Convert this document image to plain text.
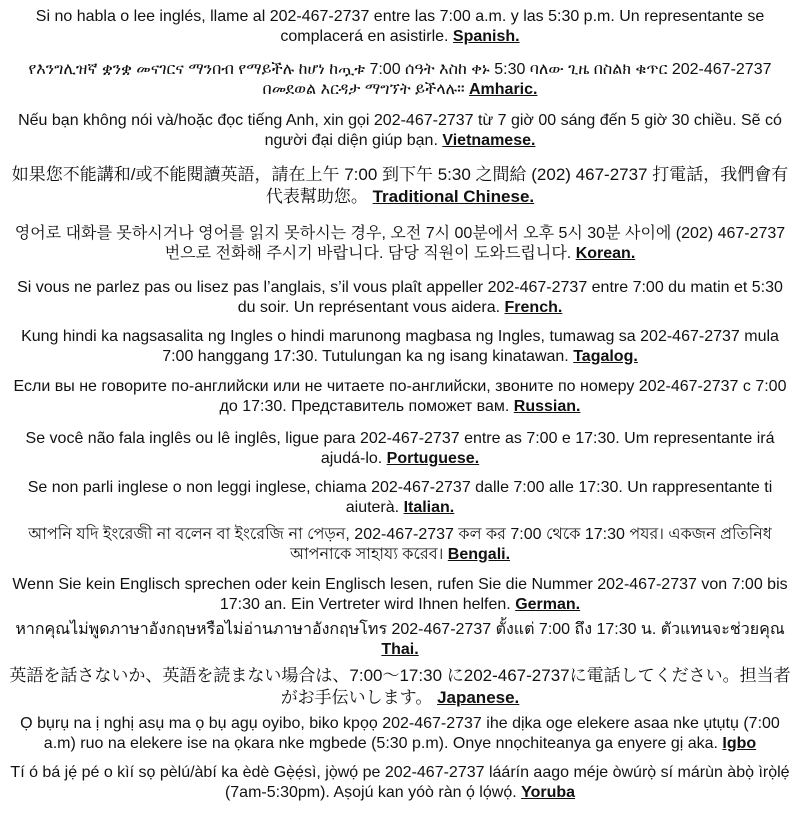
Si no habla o lee inglés, llame al 202-467-2737 entre las 7:00 a.m. y las 5:30 p.m. Un representante se complacerá en asistirle. Spanish.
የእንግሊዝኛ ቋንቋ መናገርና ማንበብ የማይችሉ ከሆነ ከጧቱ 7:00 ሰዓት እስከ ቀኑ 5:30 ባለው ጊዜ በስልክ ቁጥር 202-467-2737 በመደወል እርዳታ ማግኘት ይችላሉ። Amharic.
Nếu bạn không nói và/hoặc đọc tiếng Anh, xin gọi 202-467-2737 từ 7 giờ 00 sáng đến 5 giờ 30 chiều. Sẽ có người đại diện giúp bạn. Vietnamese.
如果您不能講和/或不能閱讀英語，請在上午 7:00 到下午 5:30 之間給 (202) 467-2737 打電話，我們會有代表幫助您。 Traditional Chinese.
영어로 대화를 못하시거나 영어를 읽지 못하시는 경우, 오전 7시 00분에서 오후 5시 30분 사이에 (202) 467-2737번으로 전화해 주시기 바랍니다. 담당 직원이 도와드립니다. Korean.
Si vous ne parlez pas ou lisez pas l’anglais, s’il vous plaît appeller 202-467-2737 entre 7:00 du matin et 5:30 du soir. Un représentant vous aidera. French.
Kung hindi ka nagsasalita ng Ingles o hindi marunong magbasa ng Ingles, tumawag sa 202-467-2737 mula 7:00 hanggang 17:30. Tutulungan ka ng isang kinatawan. Tagalog.
Если вы не говорите по-английски или не читаете по-английски, звоните по номеру 202-467-2737 с 7:00 до 17:30. Представитель поможет вам. Russian.
Se você não fala inglês ou lê inglês, ligue para 202-467-2737 entre as 7:00 e 17:30. Um representante irá ajudá-lo. Portuguese.
Se non parli inglese o non leggi inglese, chiama 202-467-2737 dalle 7:00 alle 17:30. Un rappresentante ti aiuterà. Italian.
আপনি যদি ইংরেজী না বলেন বা ইংরেজি না পেড়ন, 202-467-2737 কল কর 7:00 থেকে 17:30 পযর। একজন প্রতিনিধ আপনাকে সাহায্য করেব। Bengali.
Wenn Sie kein Englisch sprechen oder kein Englisch lesen, rufen Sie die Nummer 202-467-2737 von 7:00 bis 17:30 an. Ein Vertreter wird Ihnen helfen. German.
หากคุณไม่พูดภาษาอังกฤษหรือไม่อ่านภาษาอังกฤษโทร 202-467-2737 ตั้งแต่ 7:00 ถึง 17:30 น. ตัวแทนจะช่วยคุณ Thai.
英語を話さないか、英語を読まない場合は、7:00〜17:30 に202-467-2737に電話してください。担当者がお手伝いします。 Japanese.
Ọ bụrụ na ị nghị asụ ma ọ bụ agụ oyibo, biko kpọọ 202-467-2737 ihe dịka oge elekere asaa nke ụtụtụ (7:00 a.m) ruo na elekere ise na ọkara nke mgbede (5:30 p.m). Onye nnọchiteanya ga enyere gị aka. Igbo
Tí ó bá jẹ́ pé o kìí sọ pèlú/àbí ka èdè Gẹ̀ẹ́sì, jọ̀wọ́ pe 202-467-2737 láárín aago méje òwúrọ̀ sí márùn àbọ̀ ìrọ̀lẹ́ (7am-5:30pm). Aṣojú kan yóò ràn ọ́ lọ́wọ́. Yoruba
